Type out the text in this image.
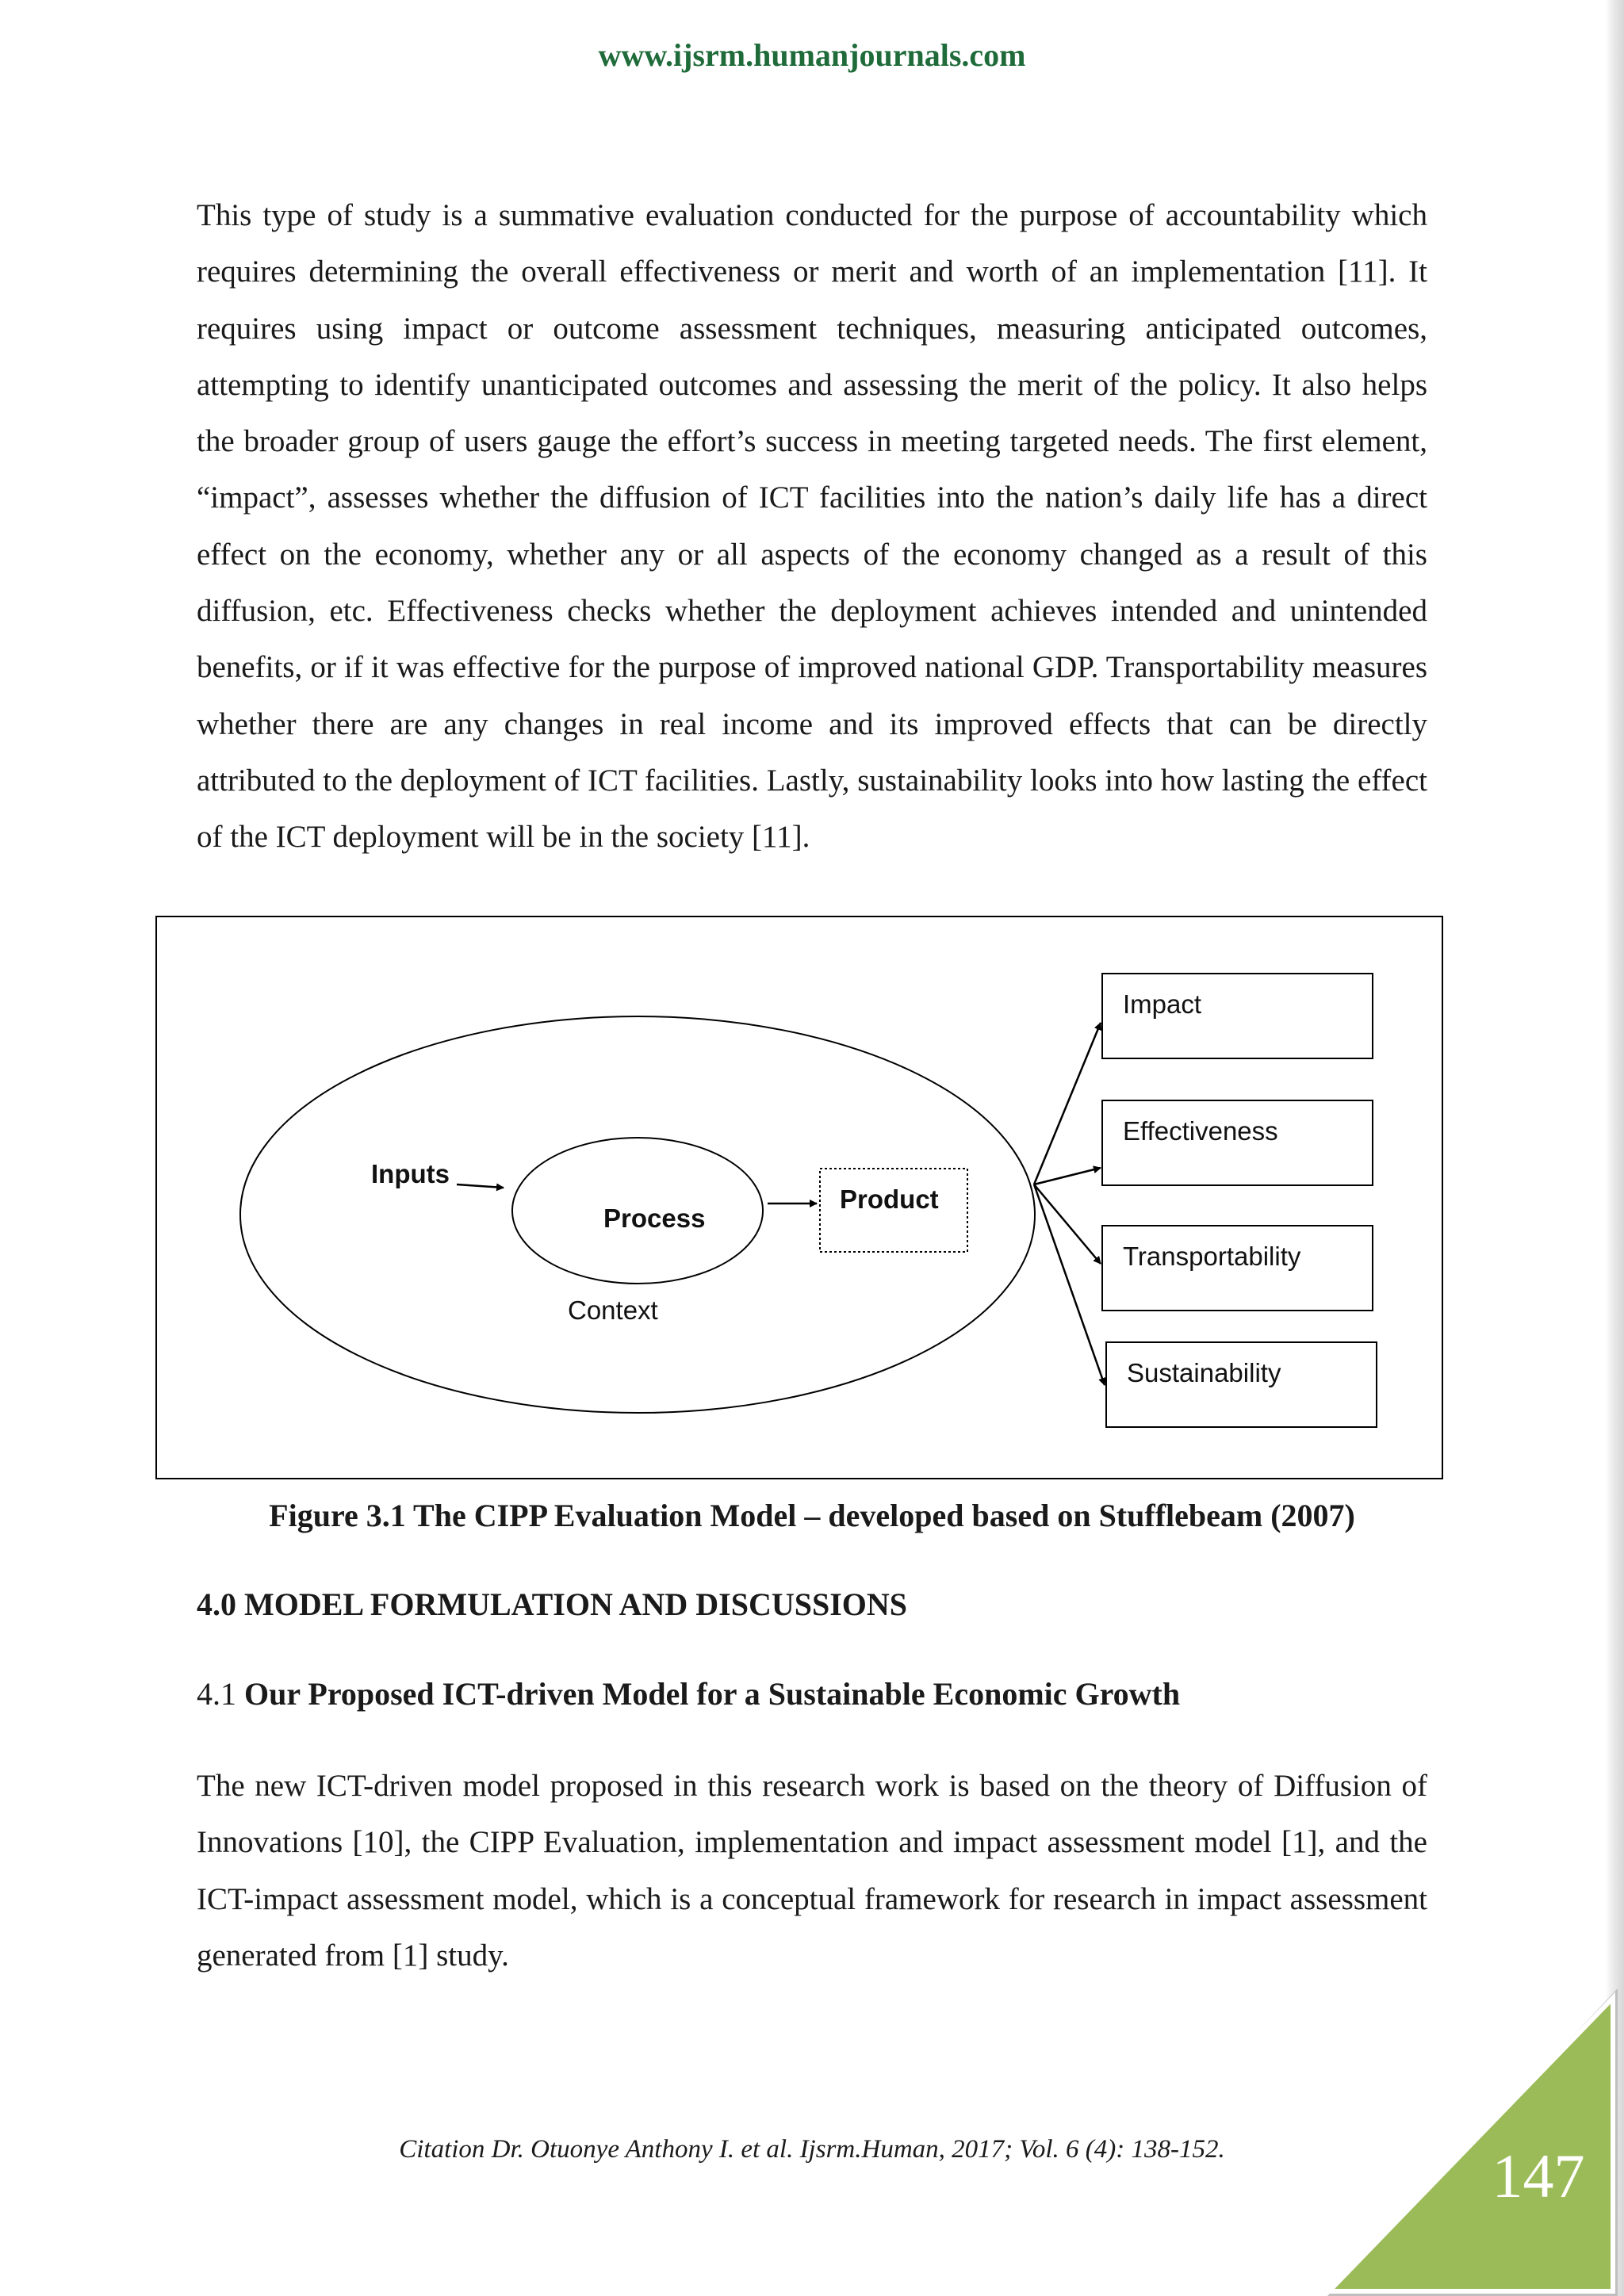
www.ijsrm.humanjournals.com

This type of study is a summative evaluation conducted for the purpose of accountability which requires determining the overall effectiveness or merit and worth of an implementation [11]. It requires using impact or outcome assessment techniques, measuring anticipated outcomes, attempting to identify unanticipated outcomes and assessing the merit of the policy. It also helps the broader group of users gauge the effort’s success in meeting targeted needs. The first element, “impact”, assesses whether the diffusion of ICT facilities into the nation’s daily life has a direct effect on the economy, whether any or all aspects of the economy changed as a result of this diffusion, etc. Effectiveness checks whether the deployment achieves intended and unintended benefits, or if it was effective for the purpose of improved national GDP. Transportability measures whether there are any changes in real income and its improved effects that can be directly attributed to the deployment of ICT facilities. Lastly, sustainability looks into how lasting the effect of the ICT deployment will be in the society [11].

Inputs
Process
Product
Context
Impact
Effectiveness
Transportability
Sustainability
Figure 3.1 The CIPP Evaluation Model – developed based on Stufflebeam (2007)
4.0 MODEL FORMULATION AND DISCUSSIONS
4.1 Our Proposed ICT-driven Model for a Sustainable Economic Growth

The new ICT-driven model proposed in this research work is based on the theory of Diffusion of Innovations [10], the CIPP Evaluation, implementation and impact assessment model [1], and the ICT-impact assessment model, which is a conceptual framework for research in impact assessment generated from [1] study.

Citation Dr. Otuonye Anthony I. et al. Ijsrm.Human, 2017; Vol. 6 (4): 138-152.	147
